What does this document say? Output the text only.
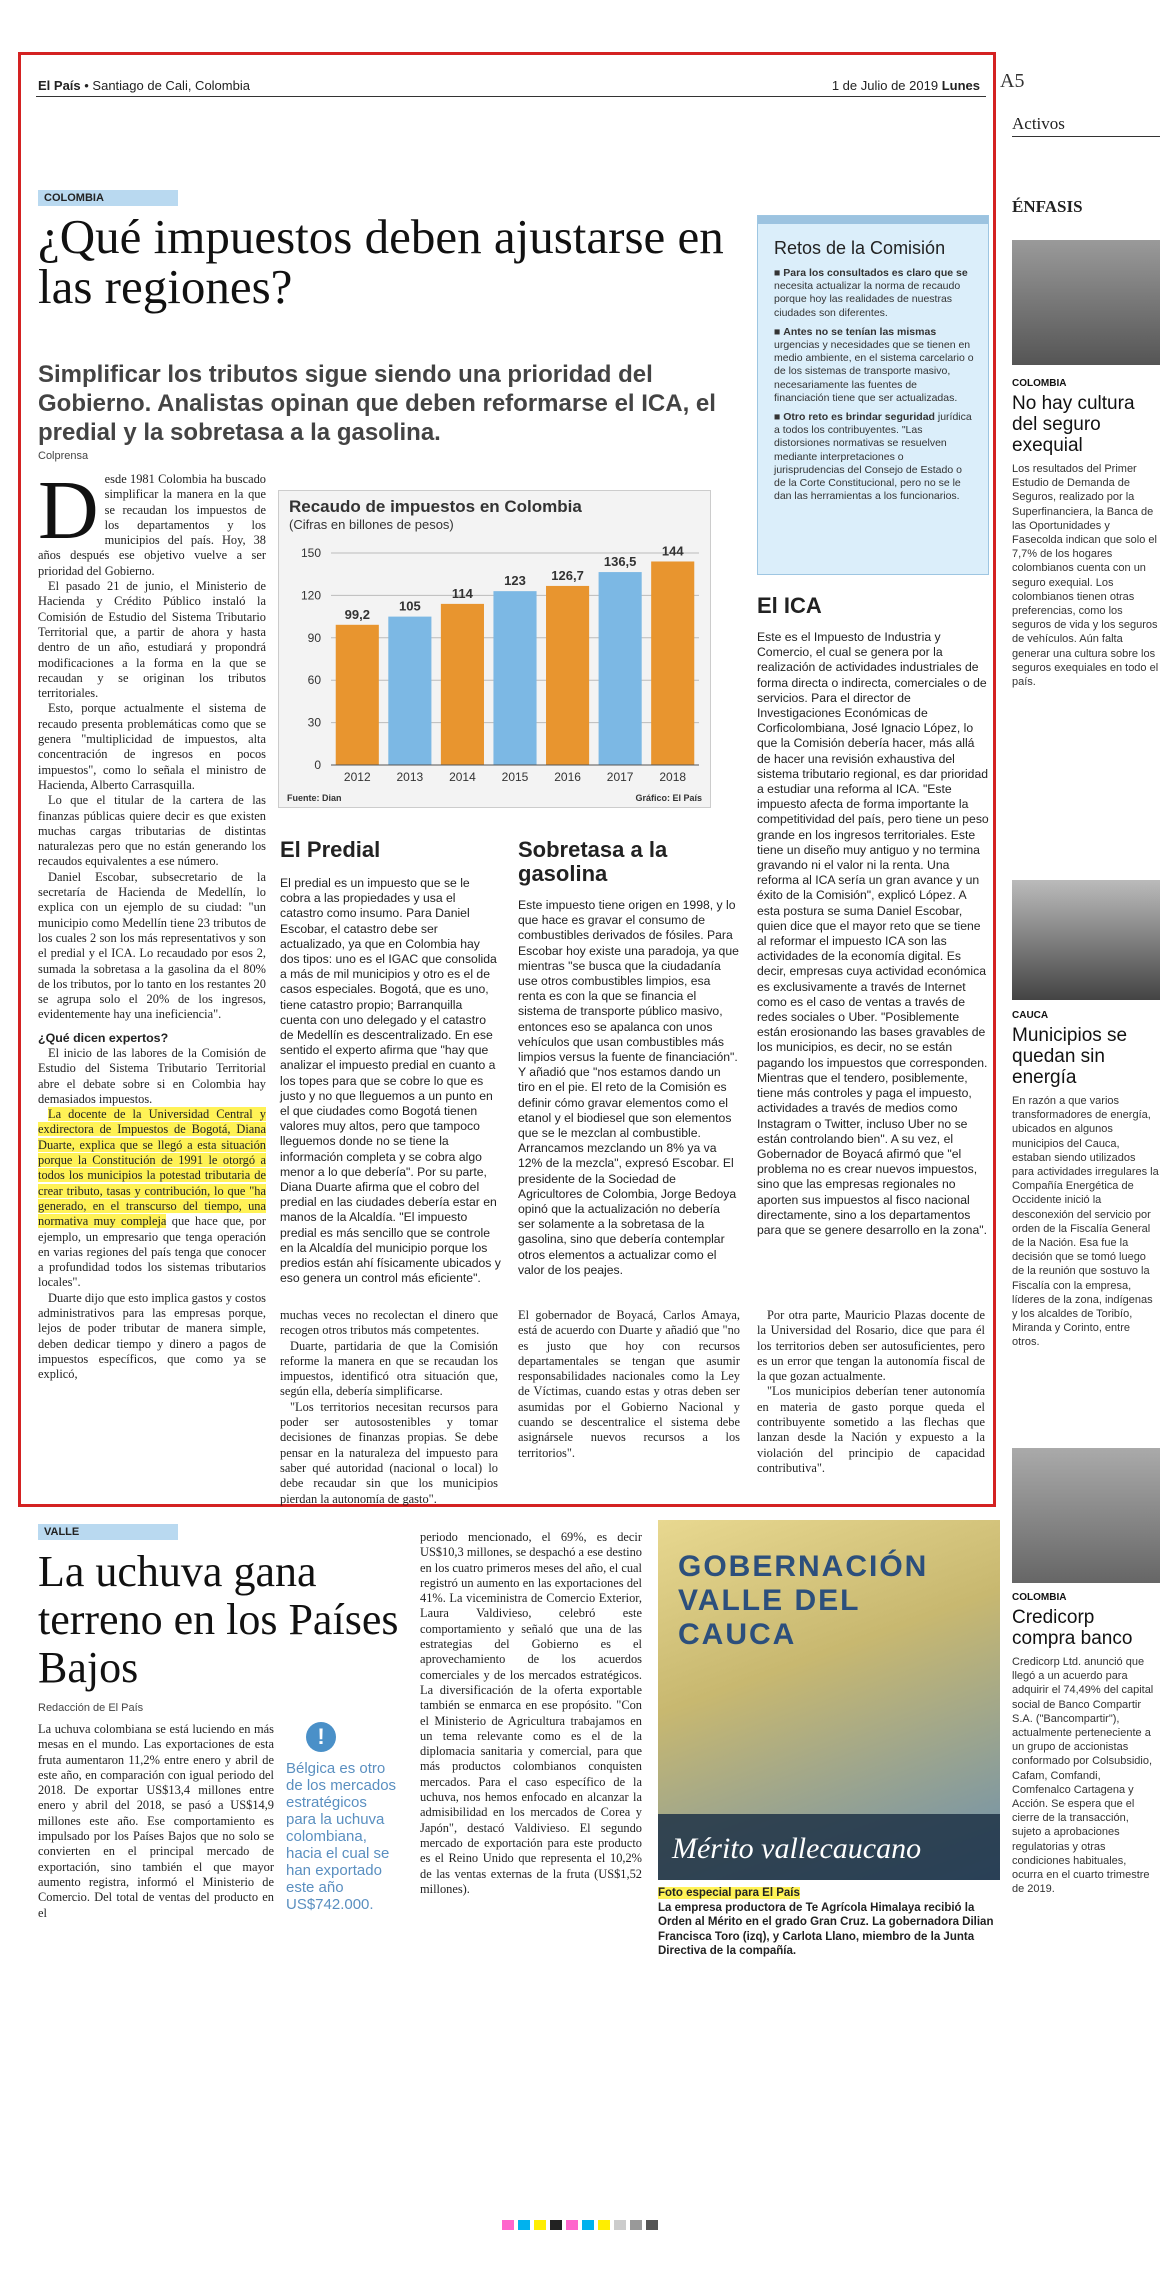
El País • Santiago de Cali, Colombia	1 de Julio de 2019 Lunes A5
COLOMBIA
¿Qué impuestos deben ajustarse en las regiones?
Simplificar los tributos sigue siendo una prioridad del Gobierno. Analistas opinan que deben reformarse el ICA, el predial y la sobretasa a la gasolina.
Colprensa
D esde 1981 Colombia ha buscado simplificar la manera en la que se recaudan los impuestos de los departamentos y los municipios del país. Hoy, 38 años después ese objetivo vuelve a ser prioridad del Gobierno.

El pasado 21 de junio, el Ministerio de Hacienda y Crédito Público instaló la Comisión de Estudio del Sistema Tributario Territorial que, a partir de ahora y hasta dentro de un año, estudiará y propondrá modificaciones a la forma en la que se recaudan y se originan los tributos territoriales.

Esto, porque actualmente el sistema de recaudo presenta problemáticas como que se genera "multiplicidad de impuestos, alta concentración de ingresos en pocos impuestos", como lo señala el ministro de Hacienda, Alberto Carrasquilla.

Lo que el titular de la cartera de las finanzas públicas quiere decir es que existen muchas cargas tributarias de distintas naturalezas pero que no están generando los recaudos equivalentes a ese número.

Daniel Escobar, subsecretario de la secretaría de Hacienda de Medellín, lo explica con un ejemplo de su ciudad: "un municipio como Medellín tiene 23 tributos de los cuales 2 son los más representativos y son el predial y el ICA. Lo recaudado por esos 2, sumada la sobretasa a la gasolina da el 80% de los tributos, por lo tanto en los restantes 20 se agrupa solo el 20% de los ingresos, evidentemente hay una ineficiencia".

¿Qué dicen expertos?

El inicio de las labores de la Comisión de Estudio del Sistema Tributario Territorial abre el debate sobre si en Colombia hay demasiados impuestos.

La docente de la Universidad Central y exdirectora de Impuestos de Bogotá, Diana Duarte, explica que se llegó a esta situación porque la Constitución de 1991 le otorgó a todos los municipios la potestad tributaria de crear tributo, tasas y contribución, lo que "ha generado, en el transcurso del tiempo, una normativa muy compleja que hace que, por ejemplo, un empresario que tenga operación en varias regiones del país tenga que conocer a profundidad todos los sistemas tributarios locales".

Duarte dijo que esto implica gastos y costos administrativos para las empresas porque, lejos de poder tributar de manera simple, deben dedicar tiempo y dinero a pagos de impuestos específicos, que como ya se explicó,

Recaudo de impuestos en Colombia
(Cifras en billones de pesos)
0
30
60
90
120
150
99,2
2012
105
2013
114
2014
123
2015
126,7
2016
136,5
2017
144
2018
Fuente: Dian	Gráfico: El País
Retos de la Comisión
■ Para los consultados es claro que se necesita actualizar la norma de recaudo porque hoy las realidades de nuestras ciudades son diferentes.
■ Antes no se tenían las mismas urgencias y necesidades que se tienen en medio ambiente, en el sistema carcelario o de los sistemas de transporte masivo, necesariamente las fuentes de financiación tiene que ser actualizadas.
■ Otro reto es brindar seguridad jurídica a todos los contribuyentes. "Las distorsiones normativas se resuelven mediante interpretaciones o jurisprudencias del Consejo de Estado o de la Corte Constitucional, pero no se le dan las herramientas a los funcionarios.
El Predial
El predial es un impuesto que se le cobra a las propiedades y usa el catastro como insumo. Para Daniel Escobar, el catastro debe ser actualizado, ya que en Colombia hay dos tipos: uno es el IGAC que consolida a más de mil municipios y otro es el de casos especiales. Bogotá, que es uno, tiene catastro propio; Barranquilla cuenta con uno delegado y el catastro de Medellín es descentralizado. En ese sentido el experto afirma que "hay que analizar el impuesto predial en cuanto a los topes para que se cobre lo que es justo y no que lleguemos a un punto en el que ciudades como Bogotá tienen valores muy altos, pero que tampoco lleguemos donde no se tiene la información completa y se cobra algo menor a lo que debería". Por su parte, Diana Duarte afirma que el cobro del predial en las ciudades debería estar en manos de la Alcaldía. "El impuesto predial es más sencillo que se controle en la Alcaldía del municipio porque los predios están ahí físicamente ubicados y eso genera un control más eficiente".
Sobretasa a la gasolina
Este impuesto tiene origen en 1998, y lo que hace es gravar el consumo de combustibles derivados de fósiles. Para Escobar hoy existe una paradoja, ya que mientras "se busca que la ciudadanía use otros combustibles limpios, esa renta es con la que se financia el sistema de transporte público masivo, entonces eso se apalanca con unos vehículos que usan combustibles más limpios versus la fuente de financiación". Y añadió que "nos estamos dando un tiro en el pie. El reto de la Comisión es definir cómo gravar elementos como el etanol y el biodiesel que son elementos que se le mezclan al combustible. Arrancamos mezclando un 8% ya va 12% de la mezcla", expresó Escobar. El presidente de la Sociedad de Agricultores de Colombia, Jorge Bedoya opinó que la actualización no debería ser solamente a la sobretasa de la gasolina, sino que debería contemplar otros elementos a actualizar como el valor de los peajes.
El ICA
Este es el Impuesto de Industria y Comercio, el cual se genera por la realización de actividades industriales de forma directa o indirecta, comerciales o de servicios. Para el director de Investigaciones Económicas de Corficolombiana, José Ignacio López, lo que la Comisión debería hacer, más allá de hacer una revisión exhaustiva del sistema tributario regional, es dar prioridad a estudiar una reforma al ICA. "Este impuesto afecta de forma importante la competitividad del país, pero tiene un peso grande en los ingresos territoriales. Este tiene un diseño muy antiguo y no termina gravando ni el valor ni la renta. Una reforma al ICA sería un gran avance y un éxito de la Comisión", explicó López. A esta postura se suma Daniel Escobar, quien dice que el mayor reto que se tiene al reformar el impuesto ICA son las actividades de la economía digital. Es decir, empresas cuya actividad económica es exclusivamente a través de Internet como es el caso de ventas a través de redes sociales o Uber. "Posiblemente están erosionando las bases gravables de los municipios, es decir, no se están pagando los impuestos que corresponden. Mientras que el tendero, posiblemente, tiene más controles y paga el impuesto, actividades a través de medios como Instagram o Twitter, incluso Uber no se están controlando bien". A su vez, el Gobernador de Boyacá afirmó que "el problema no es crear nuevos impuestos, sino que las empresas regionales no aporten sus impuestos al fisco nacional directamente, sino a los departamentos para que se genere desarrollo en la zona".

muchas veces no recolectan el dinero que recogen otros tributos más competentes.

Duarte, partidaria de que la Comisión reforme la manera en que se recaudan los impuestos, identificó otra situación que, según ella, debería simplificarse.

"Los territorios necesitan recursos para poder ser autosostenibles y tomar decisiones de finanzas propias. Se debe pensar en la naturaleza del impuesto para saber qué autoridad (nacional o local) lo debe recaudar sin que los municipios pierdan la autonomía de gasto".

El gobernador de Boyacá, Carlos Amaya, está de acuerdo con Duarte y añadió que "no es justo que hoy con recursos departamentales se tengan que asumir responsabilidades nacionales como la Ley de Víctimas, cuando estas y otras deben ser asumidas por el Gobierno Nacional y cuando se descentralice el sistema debe asignársele nuevos recursos a los territorios".

Por otra parte, Mauricio Plazas docente de la Universidad del Rosario, dice que para él los territorios deben ser autosuficientes, pero es un error que tengan la autonomía fiscal de la que gozan actualmente.

"Los municipios deberían tener autonomía en materia de gasto porque queda el contribuyente sometido a las flechas que lanzan desde la Nación y expuesto a la violación del principio de capacidad contributiva".

Activos
ÉNFASIS
COLOMBIA
No hay cultura del seguro exequial
Los resultados del Primer Estudio de Demanda de Seguros, realizado por la Superfinanciera, la Banca de las Oportunidades y Fasecolda indican que solo el 7,7% de los hogares colombianos cuenta con un seguro exequial. Los colombianos tienen otras preferencias, como los seguros de vida y los seguros de vehículos. Aún falta generar una cultura sobre los seguros exequiales en todo el país.
CAUCA
Municipios se quedan sin energía
En razón a que varios transformadores de energía, ubicados en algunos municipios del Cauca, estaban siendo utilizados para actividades irregulares la Compañía Energética de Occidente inició la desconexión del servicio por orden de la Fiscalía General de la Nación. Esa fue la decisión que se tomó luego de la reunión que sostuvo la Fiscalía con la empresa, líderes de la zona, indígenas y los alcaldes de Toribío, Miranda y Corinto, entre otros.
COLOMBIA
Credicorp compra banco
Credicorp Ltd. anunció que llegó a un acuerdo para adquirir el 74,49% del capital social de Banco Compartir S.A. ("Bancompartir"), actualmente perteneciente a un grupo de accionistas conformado por Colsubsidio, Cafam, Comfandi, Comfenalco Cartagena y Acción. Se espera que el cierre de la transacción, sujeto a aprobaciones regulatorias y otras condiciones habituales, ocurra en el cuarto trimestre de 2019.
VALLE
La uchuva gana terreno en los Países Bajos
Redacción de El País
La uchuva colombiana se está luciendo en más mesas en el mundo. Las exportaciones de esta fruta aumentaron 11,2% entre enero y abril de este año, en comparación con igual periodo del 2018. De exportar US$13,4 millones entre enero y abril del 2018, se pasó a US$14,9 millones este año. Ese comportamiento es impulsado por los Países Bajos que no solo se convierten en el principal mercado de exportación, sino también el que mayor aumento registra, informó el Ministerio de Comercio. Del total de ventas del producto en el
!
Bélgica es otro de los mercados estratégicos para la uchuva colombiana, hacia el cual se han exportado este año US$742.000.
periodo mencionado, el 69%, es decir US$10,3 millones, se despachó a ese destino en los cuatro primeros meses del año, el cual registró un aumento en las exportaciones del 41%. La viceministra de Comercio Exterior, Laura Valdivieso, celebró este comportamiento y señaló que una de las estrategias del Gobierno es el aprovechamiento de los acuerdos comerciales y de los mercados estratégicos. La diversificación de la oferta exportable también se enmarca en ese propósito. "Con el Ministerio de Agricultura trabajamos en un tema relevante como es el de la diplomacia sanitaria y comercial, para que más productos colombianos conquisten mercados. Para el caso específico de la uchuva, nos hemos enfocado en alcanzar la admisibilidad en los mercados de Corea y Japón", destacó Valdivieso. El segundo mercado de exportación para este producto es el Reino Unido que representa el 10,2% de las ventas externas de la fruta (US$1,52 millones).
GOBERNACIÓN VALLE DEL CAUCA
Mérito vallecaucano
Foto especial para El País
La empresa productora de Te Agrícola Himalaya recibió la Orden al Mérito en el grado Gran Cruz. La gobernadora Dilian Francisca Toro (izq), y Carlota Llano, miembro de la Junta Directiva de la compañía.
